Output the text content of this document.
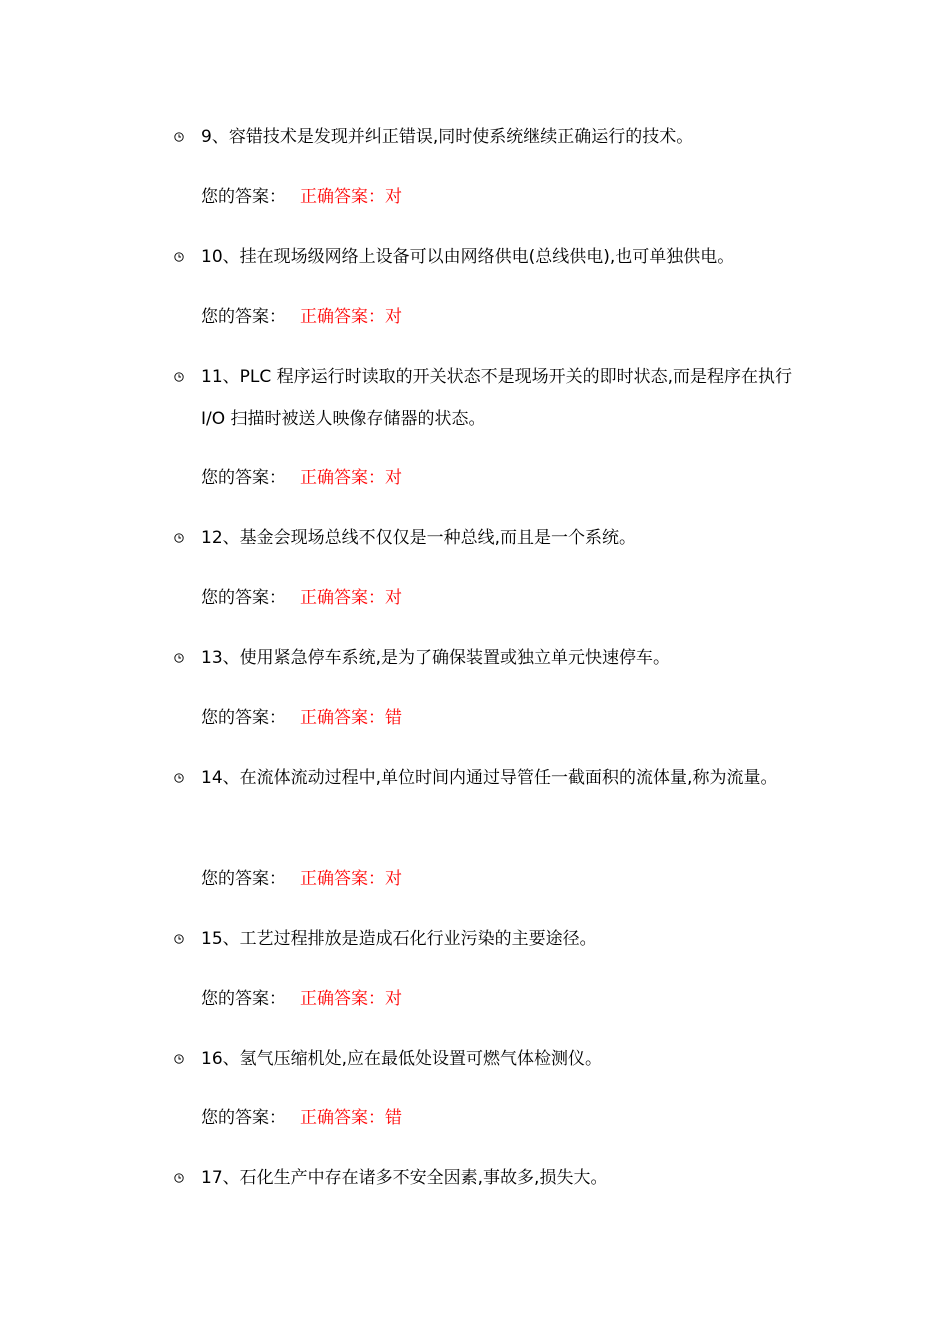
9、容错技术是发现并纠正错误,同时使系统继续正确运行的技术。
您的答案： 正确答案：对
10、挂在现场级网络上设备可以由网络供电(总线供电),也可单独供电。
您的答案： 正确答案：对
11、PLC 程序运行时读取的开关状态不是现场开关的即时状态,而是程序在执行 I/O 扫描时被送人映像存储器的状态。
您的答案： 正确答案：对
12、基金会现场总线不仅仅是一种总线,而且是一个系统。
您的答案： 正确答案：对
13、使用紧急停车系统,是为了确保装置或独立单元快速停车。
您的答案： 正确答案：错
14、在流体流动过程中,单位时间内通过导管任一截面积的流体量,称为流量。
您的答案： 正确答案：对
15、工艺过程排放是造成石化行业污染的主要途径。
您的答案： 正确答案：对
16、氢气压缩机处,应在最低处设置可燃气体检测仪。
您的答案： 正确答案：错
17、石化生产中存在诸多不安全因素,事故多,损失大。
